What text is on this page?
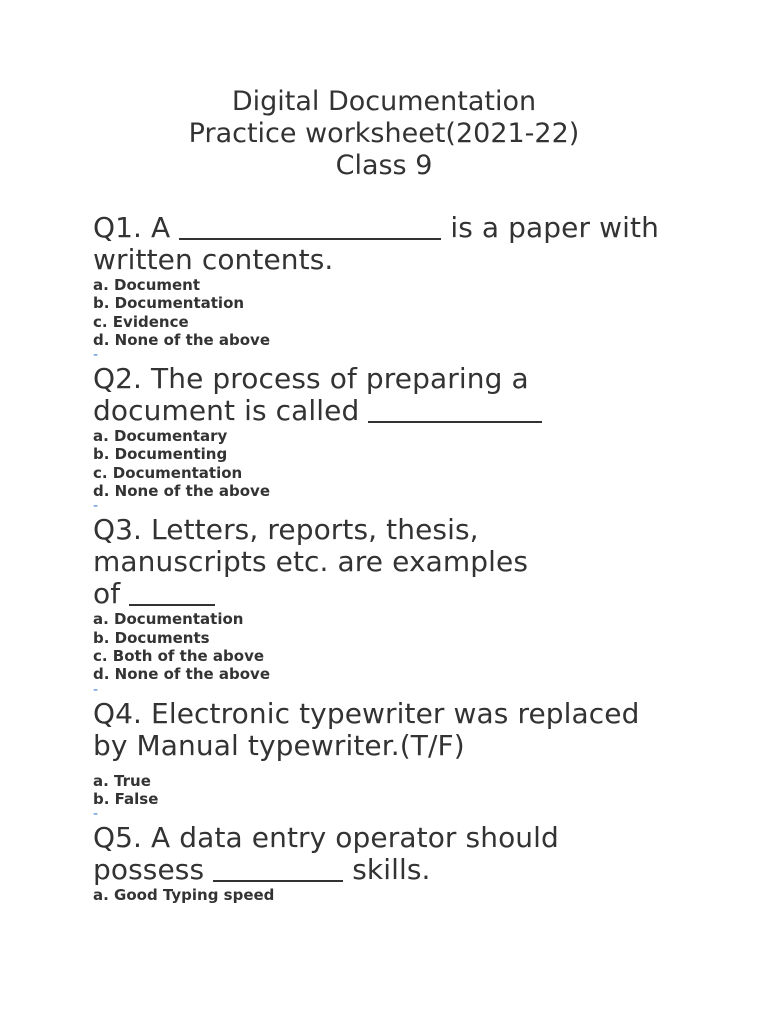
Digital Documentation
Practice worksheet(2021-22)
Class 9

Q1. A	is a paper with
written contents.

a. Document
b. Documentation
c. Evidence
d. None of the above
-

Q2. The process of preparing a
document is called

a. Documentary
b. Documenting
c. Documentation
d. None of the above
-

Q3. Letters, reports, thesis,
manuscripts etc. are examples
of

a. Documentation
b. Documents
c. Both of the above
d. None of the above
-

Q4. Electronic typewriter was replaced
by Manual typewriter.(T/F)

a. True
b. False
-

Q5. A data entry operator should
possess	skills.

a. Good Typing speed
